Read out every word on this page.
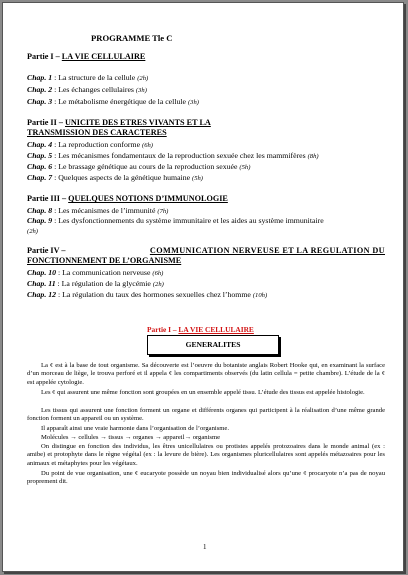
PROGRAMME Tle C
Partie I – LA VIE CELLULAIRE
Chap. 1 : La structure de la cellule (2h)
Chap. 2 : Les échanges cellulaires (3h)
Chap. 3 : Le métabolisme énergétique de la cellule (3h)
Partie II – UNICITE DES ETRES VIVANTS ET LA
TRANSMISSION DES CARACTERES
Chap. 4 : La reproduction conforme (6h)
Chap. 5 : Les mécanismes fondamentaux de la reproduction sexuée chez les mammifères (8h)
Chap. 6 : Le brassage génétique au cours de la reproduction sexuée (5h)
Chap. 7 : Quelques aspects de la génétique humaine (5h)
Partie III – QUELQUES NOTIONS D’IMMUNOLOGIE
Chap. 8 : Les mécanismes de l’immunité (7h)
Chap. 9 : Les dysfonctionnements du système immunitaire et les aides au système immunitaire
(2h)
Partie IV –	COMMUNICATION NERVEUSE ET LA REGULATION DU
FONCTIONNEMENT DE L’ORGANISME
Chap. 10 : La communication nerveuse (6h)
Chap. 11 : La régulation de la glycémie (2h)
Chap. 12 : La régulation du taux des hormones sexuelles chez l’homme (10h)
Partie I – LA VIE CELLULAIRE
GENERALITES
La ¢ est à la base de tout organisme. Sa découverte est l’oeuvre du botaniste anglais Robert Hooke qui, en examinant la surface d’un morceau de liège, le trouva perforé et il appela ¢ les compartiments observés (du latin cellula = petite chambre). L’étude de la ¢ est appelée cytologie.
Les ¢ qui assurent une même fonction sont groupées en un ensemble appelé tissu. L’étude des tissus est appelée histologie.
Les tissus qui assurent une fonction forment un organe et différents organes qui participent à la réalisation d’une même grande fonction forment un appareil ou un système.
Il apparaît ainsi une vraie harmonie dans l’organisation de l’organisme.
Molécules → cellules → tissus → organes → appareil→ organisme
On distingue en fonction des individus, les êtres unicellulaires ou protistes appelés protozoaires dans le monde animal (ex : amibe) et protophyte dans le règne végétal (ex : la levure de bière). Les organismes pluricellulaires sont appelés métazoaires pour les animaux et métaphytes pour les végétaux.
Du point de vue organisation, une ¢ eucaryote possède un noyau bien individualisé alors qu’une ¢ procaryote n’a pas de noyau proprement dit.
1
